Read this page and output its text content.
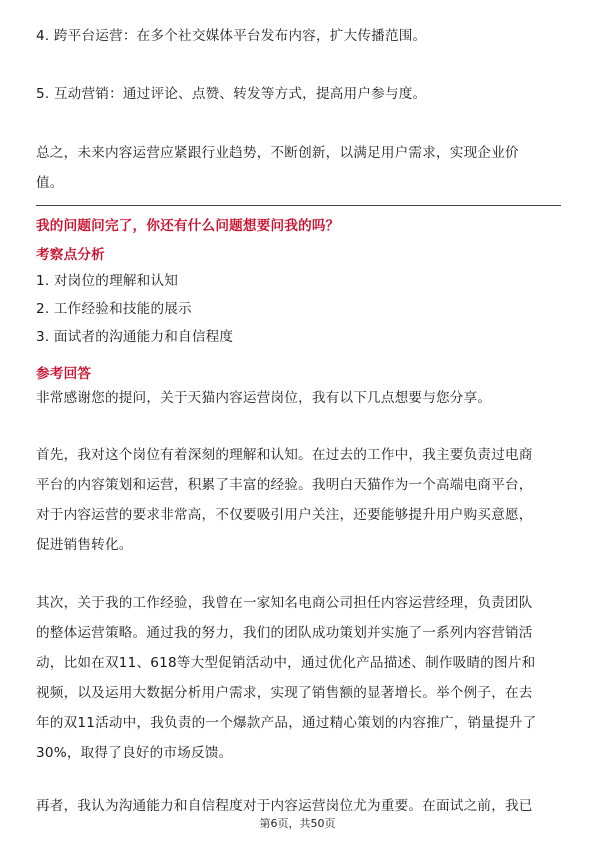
4. 跨平台运营：在多个社交媒体平台发布内容，扩大传播范围。

5. 互动营销：通过评论、点赞、转发等方式，提高用户参与度。

总之，未来内容运营应紧跟行业趋势，不断创新，以满足用户需求，实现企业价

值。

我的问题问完了，你还有什么问题想要问我的吗？

考察点分析

1. 对岗位的理解和认知

2. 工作经验和技能的展示

3. 面试者的沟通能力和自信程度

参考回答

非常感谢您的提问，关于天猫内容运营岗位，我有以下几点想要与您分享。

首先，我对这个岗位有着深刻的理解和认知。在过去的工作中，我主要负责过电商

平台的内容策划和运营，积累了丰富的经验。我明白天猫作为一个高端电商平台，

对于内容运营的要求非常高，不仅要吸引用户关注，还要能够提升用户购买意愿，

促进销售转化。

其次，关于我的工作经验，我曾在一家知名电商公司担任内容运营经理，负责团队

的整体运营策略。通过我的努力，我们的团队成功策划并实施了一系列内容营销活

动，比如在双11、618等大型促销活动中，通过优化产品描述、制作吸睛的图片和

视频，以及运用大数据分析用户需求，实现了销售额的显著增长。举个例子，在去

年的双11活动中，我负责的一个爆款产品，通过精心策划的内容推广，销量提升了

30%，取得了良好的市场反馈。

再者，我认为沟通能力和自信程度对于内容运营岗位尤为重要。在面试之前，我已

第6页，共50页
